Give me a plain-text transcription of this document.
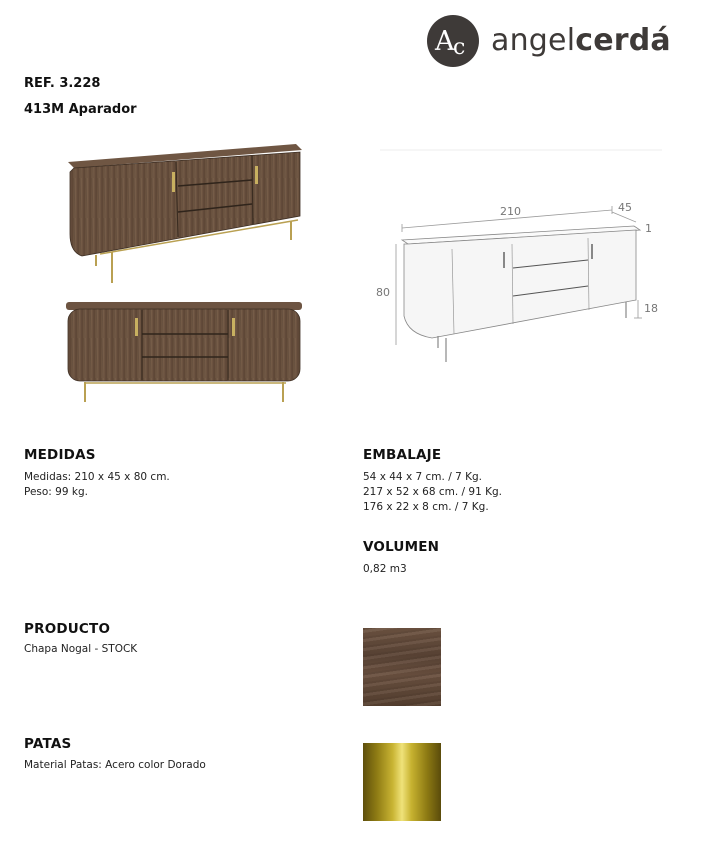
A
c angelcerdá
REF. 3.228
413M Aparador
210	45
1
80
18
MEDIDAS
Medidas: 210 x 45 x 80 cm.
Peso: 99 kg.
EMBALAJE
54 x 44 x 7 cm. / 7 Kg.
217 x 52 x 68 cm. / 91 Kg.
176 x 22 x 8 cm. / 7 Kg.
VOLUMEN
0,82 m3
PRODUCTO
Chapa Nogal - STOCK
PATAS
Material Patas: Acero color Dorado
